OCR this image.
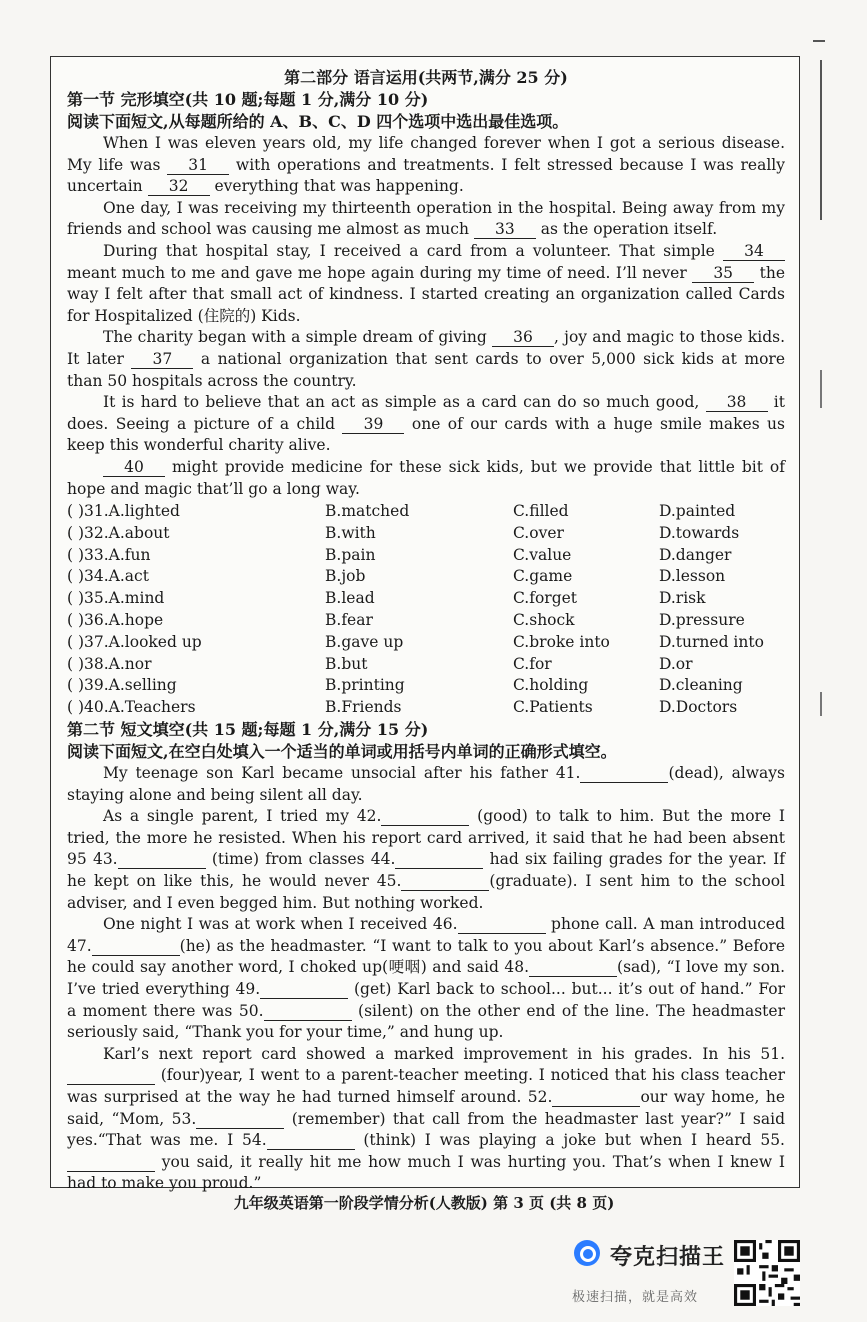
第二部分 语言运用(共两节,满分 25 分)
第一节 完形填空(共 10 题;每题 1 分,满分 10 分)
阅读下面短文,从每题所给的 A、B、C、D 四个选项中选出最佳选项。

When I was eleven years old, my life changed forever when I got a serious disease. My life was 31 with operations and treatments. I felt stressed because I was really uncertain 32 everything that was happening.

One day, I was receiving my thirteenth operation in the hospital. Being away from my friends and school was causing me almost as much 33 as the operation itself.

During that hospital stay, I received a card from a volunteer. That simple 34 meant much to me and gave me hope again during my time of need. I’ll never 35 the way I felt after that small act of kindness. I started creating an organization called Cards for Hospitalized (住院的) Kids.

The charity began with a simple dream of giving 36 , joy and magic to those kids. It later 37 a national organization that sent cards to over 5,000 sick kids at more than 50 hospitals across the country.

It is hard to believe that an act as simple as a card can do so much good, 38 it does. Seeing a picture of a child 39 one of our cards with a huge smile makes us keep this wonderful charity alive.

40 might provide medicine for these sick kids, but we provide that little bit of hope and magic that’ll go a long way.

( )31.A.lighted	B.matched	C.filled	D.painted
( )32.A.about	B.with	C.over	D.towards
( )33.A.fun	B.pain	C.value	D.danger
( )34.A.act	B.job	C.game	D.lesson
( )35.A.mind	B.lead	C.forget	D.risk
( )36.A.hope	B.fear	C.shock	D.pressure
( )37.A.looked up	B.gave up	C.broke into	D.turned into
( )38.A.nor	B.but	C.for	D.or
( )39.A.selling	B.printing	C.holding	D.cleaning
( )40.A.Teachers	B.Friends	C.Patients	D.Doctors
第二节 短文填空(共 15 题;每题 1 分,满分 15 分)
阅读下面短文,在空白处填入一个适当的单词或用括号内单词的正确形式填空。

My teenage son Karl became unsocial after his father 41.	(dead), always staying alone and being silent all day.

As a single parent, I tried my 42.	(good) to talk to him. But the more I tried, the more he resisted. When his report card arrived, it said that he had been absent 95 43.	(time) from classes 44.	had six failing grades for the year. If he kept on like this, he would never 45.	(graduate). I sent him to the school adviser, and I even begged him. But nothing worked.

One night I was at work when I received 46.	phone call. A man introduced 47.	(he) as the headmaster. “I want to talk to you about Karl’s absence.” Before he could say another word, I choked up(哽咽) and said 48.	(sad), “I love my son. I’ve tried everything 49.	(get) Karl back to school... but... it’s out of hand.” For a moment there was 50.	(silent) on the other end of the line. The headmaster seriously said, “Thank you for your time,” and hung up.

Karl’s next report card showed a marked improvement in his grades. In his 51.  (four)year, I went to a parent-teacher meeting. I noticed that his class teacher was surprised at the way he had turned himself around. 52.	our way home, he said, “Mom, 53.	(remember) that call from the headmaster last year?” I said yes.“That was me. I 54.	(think) I was playing a joke but when I heard 55.  you said, it really hit me how much I was hurting you. That’s when I knew I had to make you proud.”

九年级英语第一阶段学情分析(人教版) 第 3 页 (共 8 页)
夸克扫描王
极速扫描，就是高效
